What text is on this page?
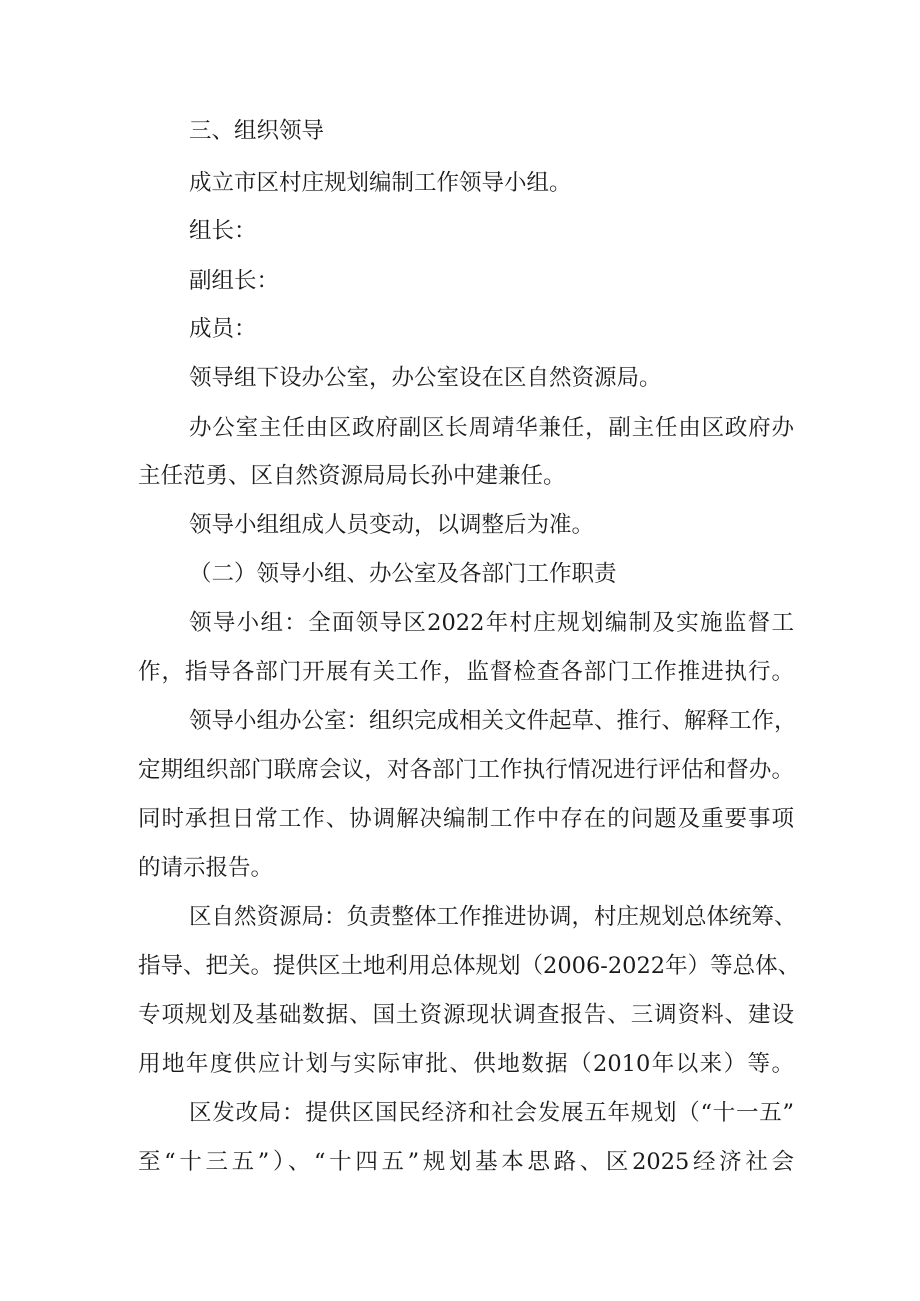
三、组织领导
成立市区村庄规划编制工作领导小组。
组长：
副组长：
成员：
领导组下设办公室，办公室设在区自然资源局。
办公室主任由区政府副区长周靖华兼任，副主任由区政府办
主任范勇、区自然资源局局长孙中建兼任。
领导小组组成人员变动，以调整后为准。
（二）领导小组、办公室及各部门工作职责
领导小组：全面领导区2022年村庄规划编制及实施监督工
作，指导各部门开展有关工作，监督检查各部门工作推进执行。
领导小组办公室：组织完成相关文件起草、推行、解释工作，
定期组织部门联席会议，对各部门工作执行情况进行评估和督办。
同时承担日常工作、协调解决编制工作中存在的问题及重要事项
的请示报告。
区自然资源局：负责整体工作推进协调，村庄规划总体统筹、
指导、把关。提供区土地利用总体规划（2006-2022年）等总体、
专项规划及基础数据、国土资源现状调查报告、三调资料、建设
用地年度供应计划与实际审批、供地数据（2010年以来）等。
区发改局：提供区国民经济和社会发展五年规划（“十一五”
至“十三五”）、“十四五”规划基本思路、区2025经济社会
